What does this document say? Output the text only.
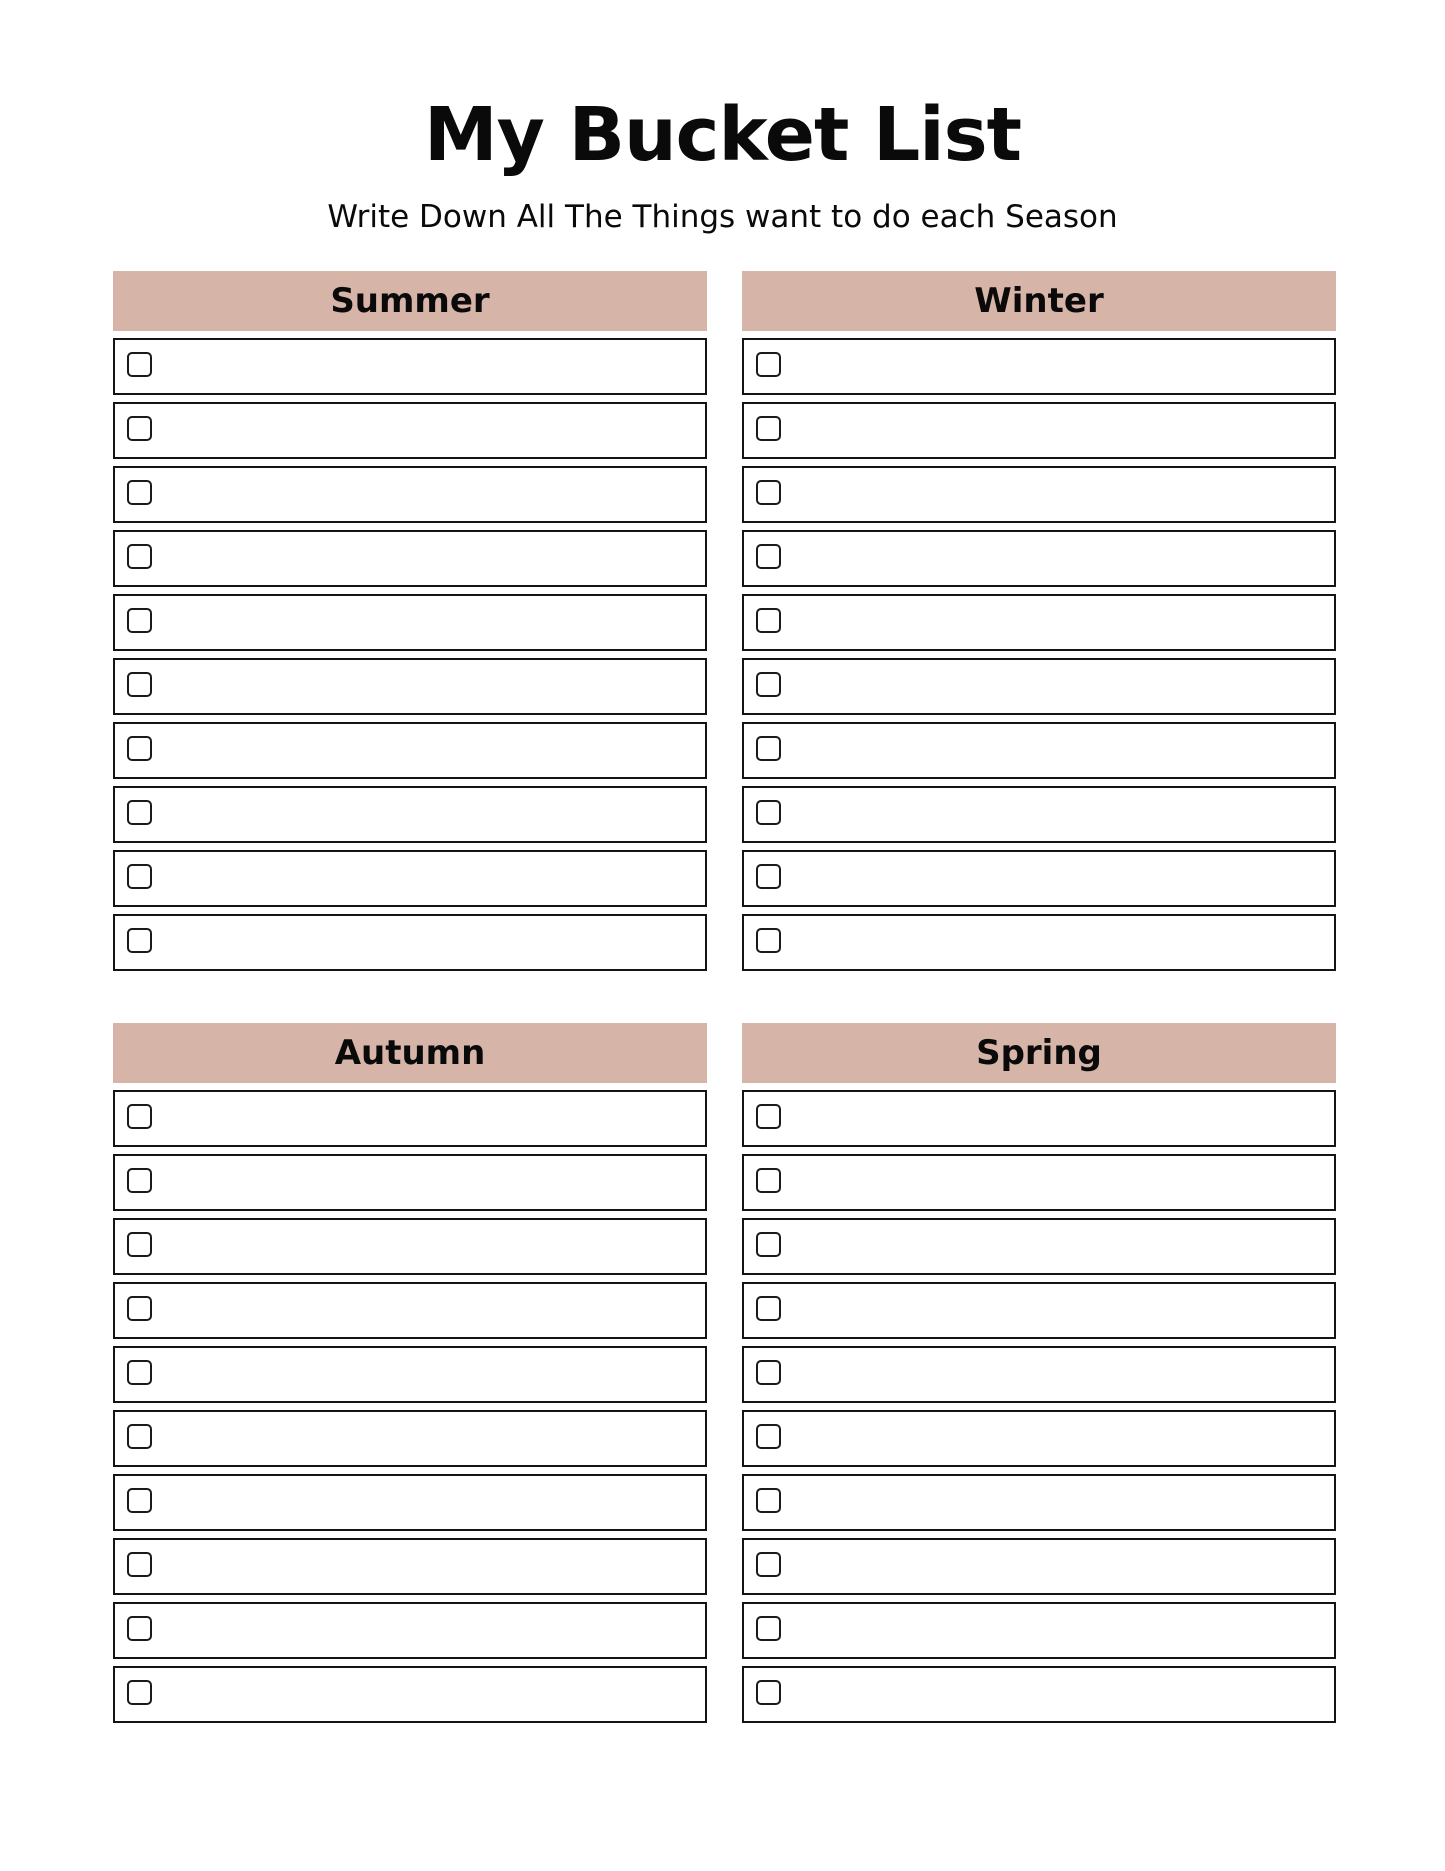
My Bucket List

Write Down All The Things want to do each Season

Summer	Winter
Autumn	Spring
